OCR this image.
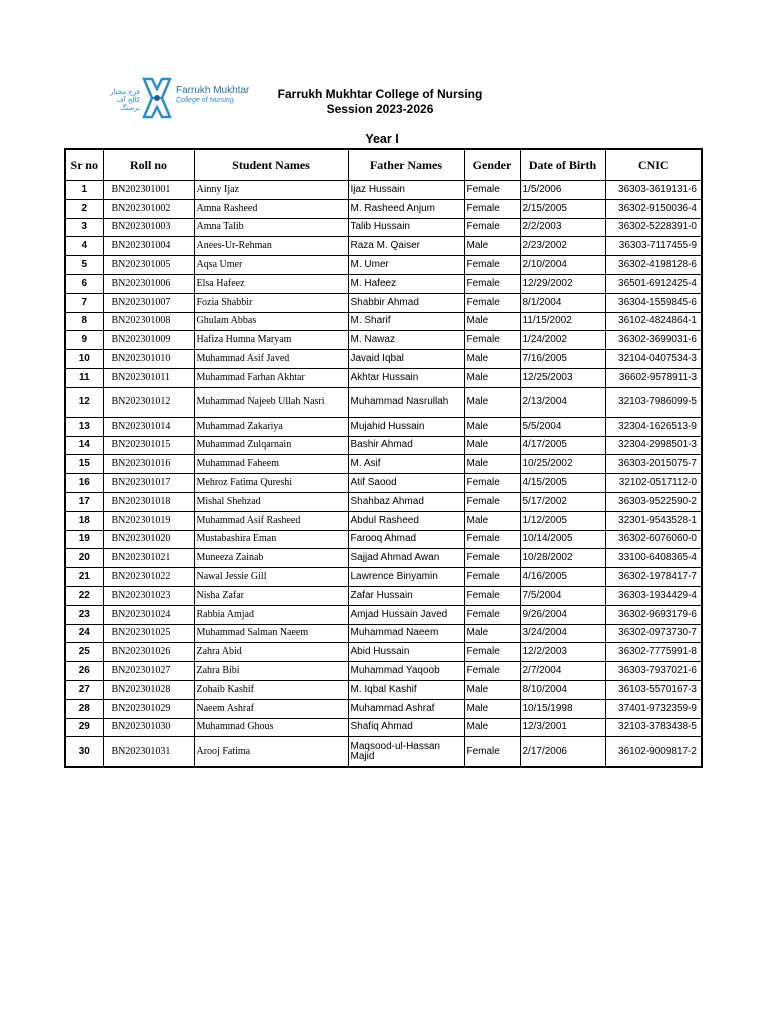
فرخ مختار کالج آف نرسنگ
Farrukh Mukhtar
College of Nursing	Farrukh Mukhtar College of Nursing
Session 2023-2026
Year I
Sr no	Roll no	Student Names	Father Names	Gender	Date of Birth	CNIC
1	BN202301001	Ainny Ijaz	Ijaz Hussain	Female	1/5/2006	36303-3619131-6
2	BN202301002	Amna Rasheed	M. Rasheed Anjum	Female	2/15/2005	36302-9150036-4
3	BN202301003	Amna Talib	Talib Hussain	Female	2/2/2003	36302-5228391-0
4	BN202301004	Anees-Ur-Rehman	Raza M. Qaiser	Male	2/23/2002	36303-7117455-9
5	BN202301005	Aqsa Umer	M. Umer	Female	2/10/2004	36302-4198128-6
6	BN202301006	Elsa Hafeez	M. Hafeez	Female	12/29/2002	36501-6912425-4
7	BN202301007	Fozia Shabbir	Shabbir Ahmad	Female	8/1/2004	36304-1559845-6
8	BN202301008	Ghulam Abbas	M. Sharif	Male	11/15/2002	36102-4824864-1
9	BN202301009	Hafiza Humna Maryam	M. Nawaz	Female	1/24/2002	36302-3699031-6
10	BN202301010	Muhammad Asif Javed	Javaid Iqbal	Male	7/16/2005	32104-0407534-3
11	BN202301011	Muhammad Farhan Akhtar	Akhtar Hussain	Male	12/25/2003	36602-9578911-3
12	BN202301012	Muhammad Najeeb Ullah Nasri	Muhammad Nasrullah	Male	2/13/2004	32103-7986099-5
13	BN202301014	Muhammad Zakariya	Mujahid Hussain	Male	5/5/2004	32304-1626513-9
14	BN202301015	Muhammad Zulqarnain	Bashir Ahmad	Male	4/17/2005	32304-2998501-3
15	BN202301016	Muhammad Faheem	M. Asif	Male	10/25/2002	36303-2015075-7
16	BN202301017	Mehroz Fatima Qureshi	Atif Saood	Female	4/15/2005	32102-0517112-0
17	BN202301018	Mishal Shehzad	Shahbaz Ahmad	Female	5/17/2002	36303-9522590-2
18	BN202301019	Muhammad Asif Rasheed	Abdul Rasheed	Male	1/12/2005	32301-9543528-1
19	BN202301020	Mustabashira Eman	Farooq Ahmad	Female	10/14/2005	36302-6076060-0
20	BN202301021	Muneeza Zainab	Sajjad Ahmad Awan	Female	10/28/2002	33100-6408365-4
21	BN202301022	Nawal Jessie Gill	Lawrence Binyamin	Female	4/16/2005	36302-1978417-7
22	BN202301023	Nisha Zafar	Zafar Hussain	Female	7/5/2004	36303-1934429-4
23	BN202301024	Rabbia Amjad	Amjad Hussain Javed	Female	9/26/2004	36302-9693179-6
24	BN202301025	Muhammad Salman Naeem	Muhammad Naeem	Male	3/24/2004	36302-0973730-7
25	BN202301026	Zahra Abid	Abid Hussain	Female	12/2/2003	36302-7775991-8
26	BN202301027	Zahra Bibi	Muhammad Yaqoob	Female	2/7/2004	36303-7937021-6
27	BN202301028	Zohaib Kashif	M. Iqbal Kashif	Male	8/10/2004	36103-5570167-3
28	BN202301029	Naeem Ashraf	Muhammad Ashraf	Male	10/15/1998	37401-9732359-9
29	BN202301030	Muhammad Ghous	Shafiq Ahmad	Male	12/3/2001	32103-3783438-5
30	BN202301031	Arooj Fatima	Maqsood-ul-Hassan Majid	Female	2/17/2006	36102-9009817-2
